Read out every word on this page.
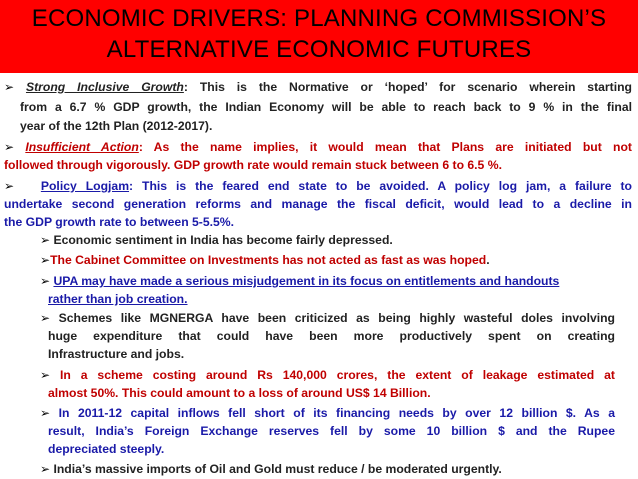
ECONOMIC DRIVERS: PLANNING COMMISSION’S
ALTERNATIVE ECONOMIC FUTURES
➢ Strong Inclusive Growth: This is the Normative or ‘hoped’ for scenario wherein starting
from a 6.7 % GDP growth, the Indian Economy will be able to reach back to 9 % in the final
year of the 12th Plan (2012-2017).
➢ Insufficient Action: As the name implies, it would mean that Plans are initiated but not
followed through vigorously. GDP growth rate would remain stuck between 6 to 6.5 %.
➢ Policy Logjam: This is the feared end state to be avoided. A policy log jam, a failure to
undertake second generation reforms and manage the fiscal deficit, would lead to a decline in
the GDP growth rate to between 5-5.5%.
➢ Economic sentiment in India has become fairly depressed.
➢The Cabinet Committee on Investments has not acted as fast as was hoped.
➢ UPA may have made a serious misjudgement in its focus on entitlements and handouts
rather than job creation.
➢ Schemes like MGNERGA have been criticized as being highly wasteful doles involving
huge expenditure that could have been more productively spent on creating
Infrastructure and jobs.
➢ In a scheme costing around Rs 140,000 crores, the extent of leakage estimated at
almost 50%. This could amount to a loss of around US$ 14 Billion.
➢ In 2011-12 capital inflows fell short of its financing needs by over 12 billion $. As a
result, India’s Foreign Exchange reserves fell by some 10 billion $ and the Rupee
depreciated steeply.
➢ India’s massive imports of Oil and Gold must reduce / be moderated urgently.
